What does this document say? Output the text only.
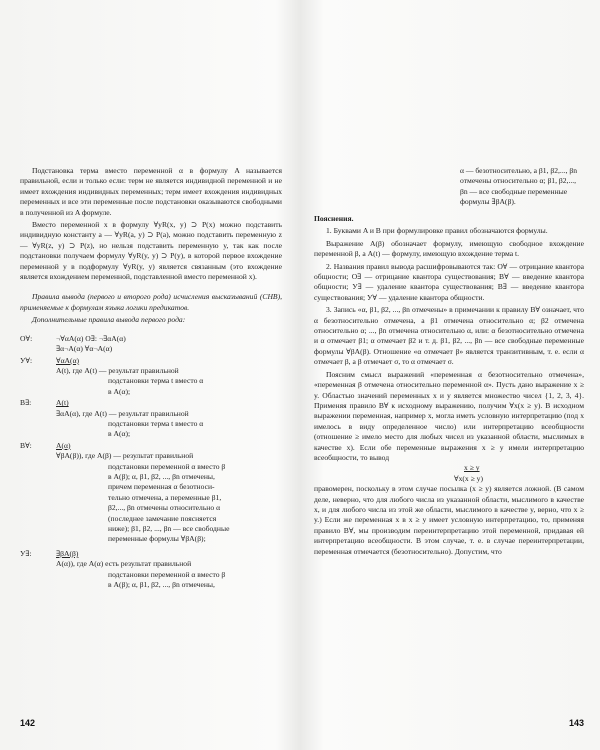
Подстановка терма вместо переменной α в формулу A называется правильной, если и только если: терм не является индивидной переменной и не имеет вхождения индивидных переменных; терм имеет вхождения индивидных переменных и все эти переменные после подстановки оказываются свободными в полученной из A формуле.

Вместо переменной x в формулу ∀yR(x, y) ⊃ P(x) можно подставить индивидную константу a — ∀yR(a, y) ⊃ P(a), можно подставить переменную z — ∀yR(z, y) ⊃ P(z), но нельзя подставить переменную y, так как после подстановки получаем формулу ∀yR(y, y) ⊃ P(y), в которой первое вхождение переменной y в подформулу ∀yR(y, y) является связанным (это вхождение является вхождением переменной, подставленной вместо переменной x).

Правила вывода (первого и второго рода) исчисления высказываний (СНВ), применяемые к формулам языка логики предикатов.

Дополнительные правила вывода первого рода:

О∀:	¬∀αA(α) О∃: ¬∃αA(α)
∃α¬A(α) ∀α¬A(α)
У∀:	∀αA(α)
A(t), где A(t) — результат правильной
подстановки терма t вместо α
в A(α);
В∃:	A(t)
∃αA(α), где A(t) — результат правильной
подстановки терма t вместо α
в A(α);
В∀:	A(α)
∀βA(β)), где A(β) — результат правильной
подстановки переменной α вместо β
в A(β); α, β1, β2, ..., βn отмечены,
причем переменная α безотноси-
тельно отмечена, а переменные β1,
β2,..., βn отмечены относительно α
(последнее замечание поясняется
ниже); β1, β2, ..., βn — все свободные
переменные формулы ∀βA(β);
У∃:	∃βA(β)
A(α)), где A(α) есть результат правильной
подстановки переменной α вместо β
в A(β); α, β1, β2, ..., βn отмечены,
142
α — безотносительно, а β1, β2,..., βn
отмечены относительно α; β1, β2,...,
βn — все свободные переменные
формулы ∃βA(β).

Пояснения.

1. Буквами A и B при формулировке правил обозначаются формулы.

Выражение A(β) обозначает формулу, имеющую свободное вхождение переменной β, а A(t) — формулу, имеющую вхождение терма t.

2. Названия правил вывода расшифровываются так: О∀ — отрицание квантора общности; О∃ — отрицание квантора существования; В∀ — введение квантора общности; У∃ — удаление квантора существования; В∃ — введение квантора существования; У∀ — удаление квантора общности.

3. Запись «α, β1, β2, ..., βn отмечены» в примечании к правилу В∀ означает, что α безотносительно отмечена, а β1 отмечена относительно α; β2 отмечена относительно α; ..., βn отмечена относительно α, или: α безотносительно отмечена и α отмечает β1; α отмечает β2 и т. д. β1, β2, ..., βn — все свободные переменные формулы ∀βA(β). Отношение «α отмечает β» является транзитивным, т. е. если α отмечает β, а β отмечает σ, то α отмечает σ.

Поясним смысл выражений «переменная α безотносительно отмечена», «переменная β отмечена относительно переменной α». Пусть дано выражение x ≥ y. Областью значений переменных x и y является множество чисел {1, 2, 3, 4}. Применяя правило В∀ к исходному выражению, получим ∀x(x ≥ y). В исходном выражении переменная, например x, могла иметь условную интерпретацию (под x имелось в виду определенное число) или интерпретацию всеобщности (отношение ≥ имело место для любых чисел из указанной области, мыслимых в качестве x). Если обе переменные выражения x ≥ y имели интерпретацию всеобщности, то вывод

x ≥ y
∀x(x ≥ y)

правомерен, поскольку в этом случае посылка (x ≥ y) является ложной. (В самом деле, неверно, что для любого числа из указанной области, мыслимого в качестве x, и для любого числа из этой же области, мыслимого в качестве y, верно, что x ≥ y.) Если же переменная x в x ≥ y имеет условную интерпретацию, то, применяя правило В∀, мы производим переинтерпретацию этой переменной, придавая ей интерпретацию всеобщности. В этом случае, т. е. в случае переинтерпретации, переменная отмечается (безотносительно). Допустим, что

143
